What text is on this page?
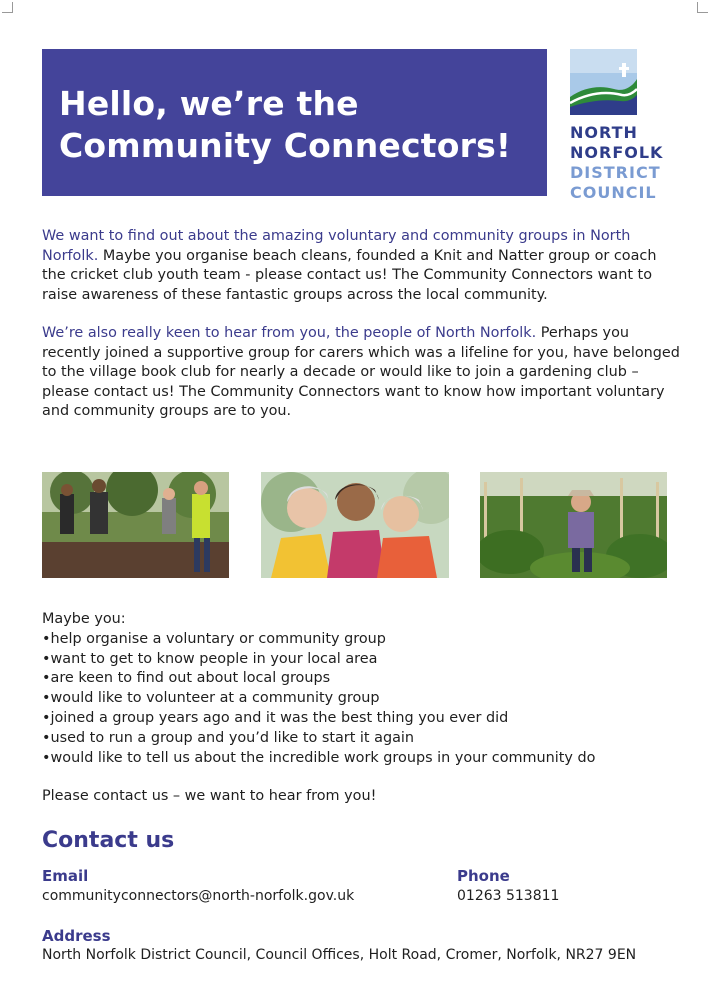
Hello, we’re the
Community Connectors!	NORTH
NORFOLK
DISTRICT
COUNCIL

We want to find out about the amazing voluntary and community groups in North Norfolk. Maybe you organise beach cleans, founded a Knit and Natter group or coach the cricket club youth team - please contact us! The Community Connectors want to raise awareness of these fantastic groups across the local community.

We’re also really keen to hear from you, the people of North Norfolk. Perhaps you recently joined a supportive group for carers which was a lifeline for you, have belonged to the village book club for nearly a decade or would like to join a gardening club – please contact us! The Community Connectors want to know how important voluntary and community groups are to you.

Maybe you:
• help organise a voluntary or community group
• want to get to know people in your local area
• are keen to find out about local groups
• would like to volunteer at a community group
• joined a group years ago and it was the best thing you ever did
• used to run a group and you’d like to start it again
• would like to tell us about the incredible work groups in your community do
Please contact us – we want to hear from you!
Contact us
Email
communityconnectors@north-norfolk.gov.uk
Phone
01263 513811
Address
North Norfolk District Council, Council Offices, Holt Road, Cromer, Norfolk, NR27 9EN
